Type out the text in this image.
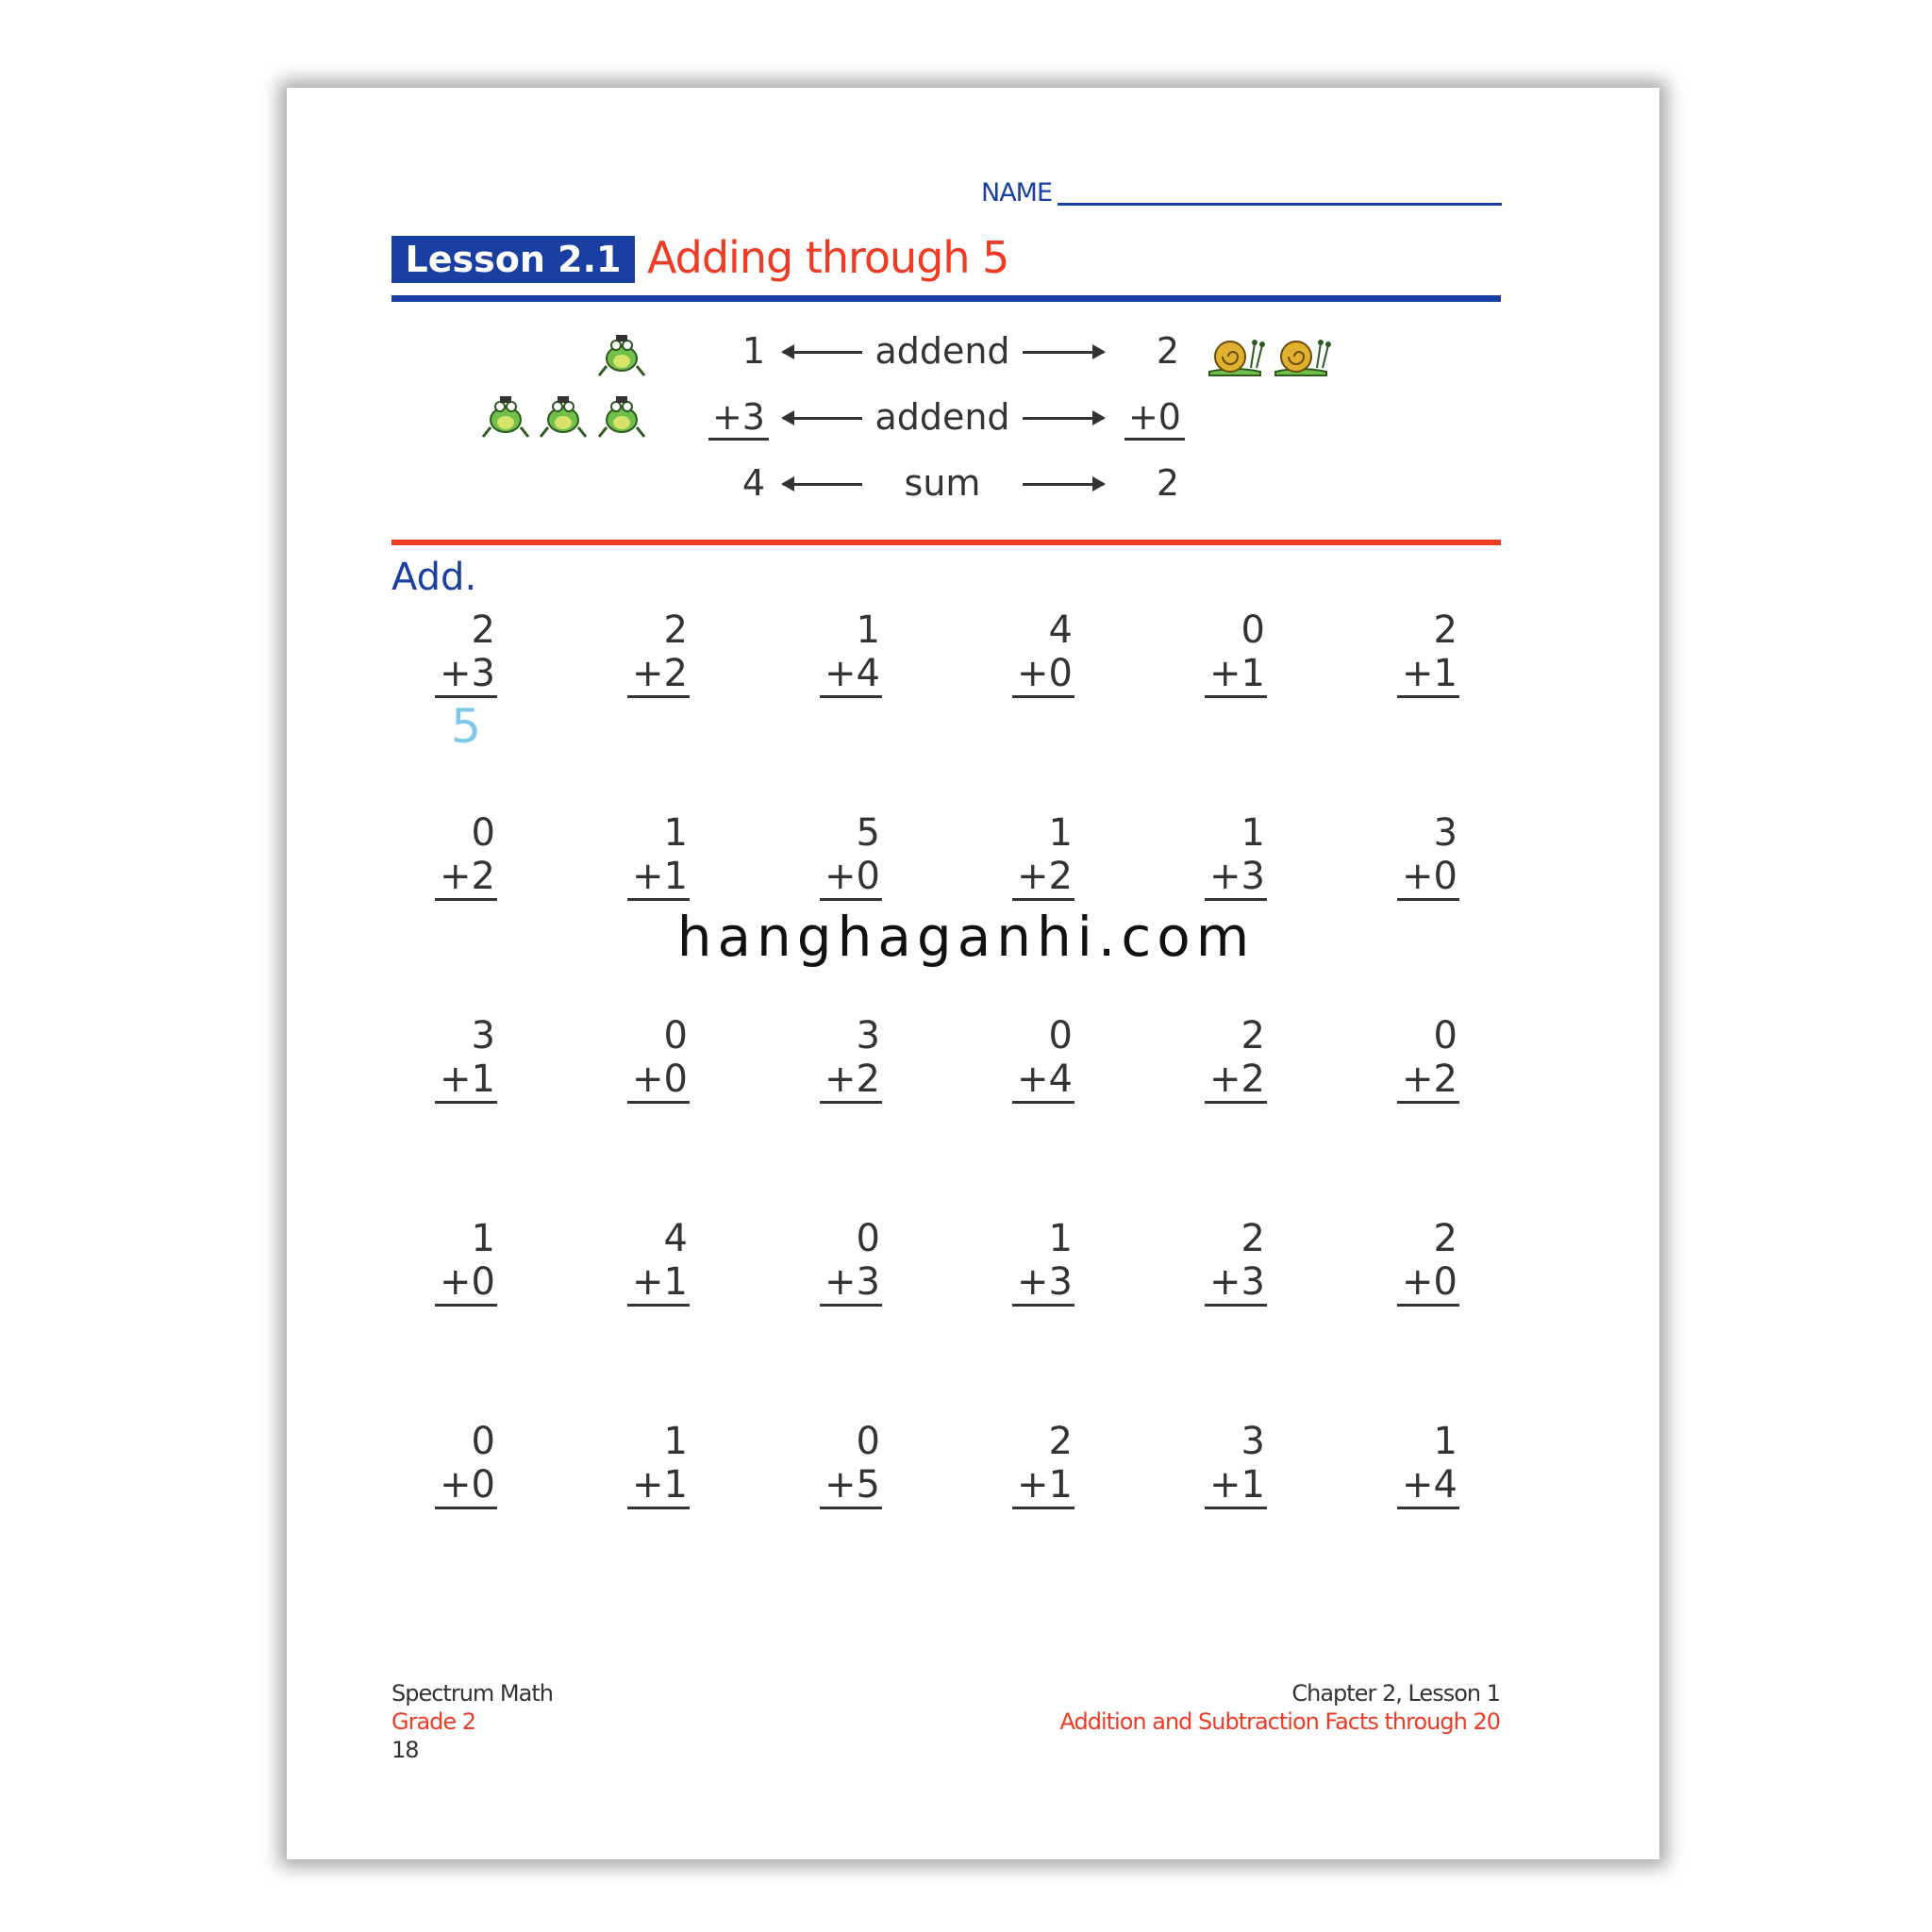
NAME
Lesson 2.1 Adding through 5
1
+3
4
addend
addend
sum
2
+0
2
Add.
2
+3
5
2
+2
1
+4
4
+0
0
+1
2
+1
0
+2
1
+1
5
+0
1
+2
1
+3
3
+0
3
+1
0
+0
3
+2
0
+4
2
+2
0
+2
1
+0
4
+1
0
+3
1
+3
2
+3
2
+0
0
+0
1
+1
0
+5
2
+1
3
+1
1
+4
hanghaganhi.com
Spectrum Math
Grade 2
18
Chapter 2, Lesson 1
Addition and Subtraction Facts through 20
